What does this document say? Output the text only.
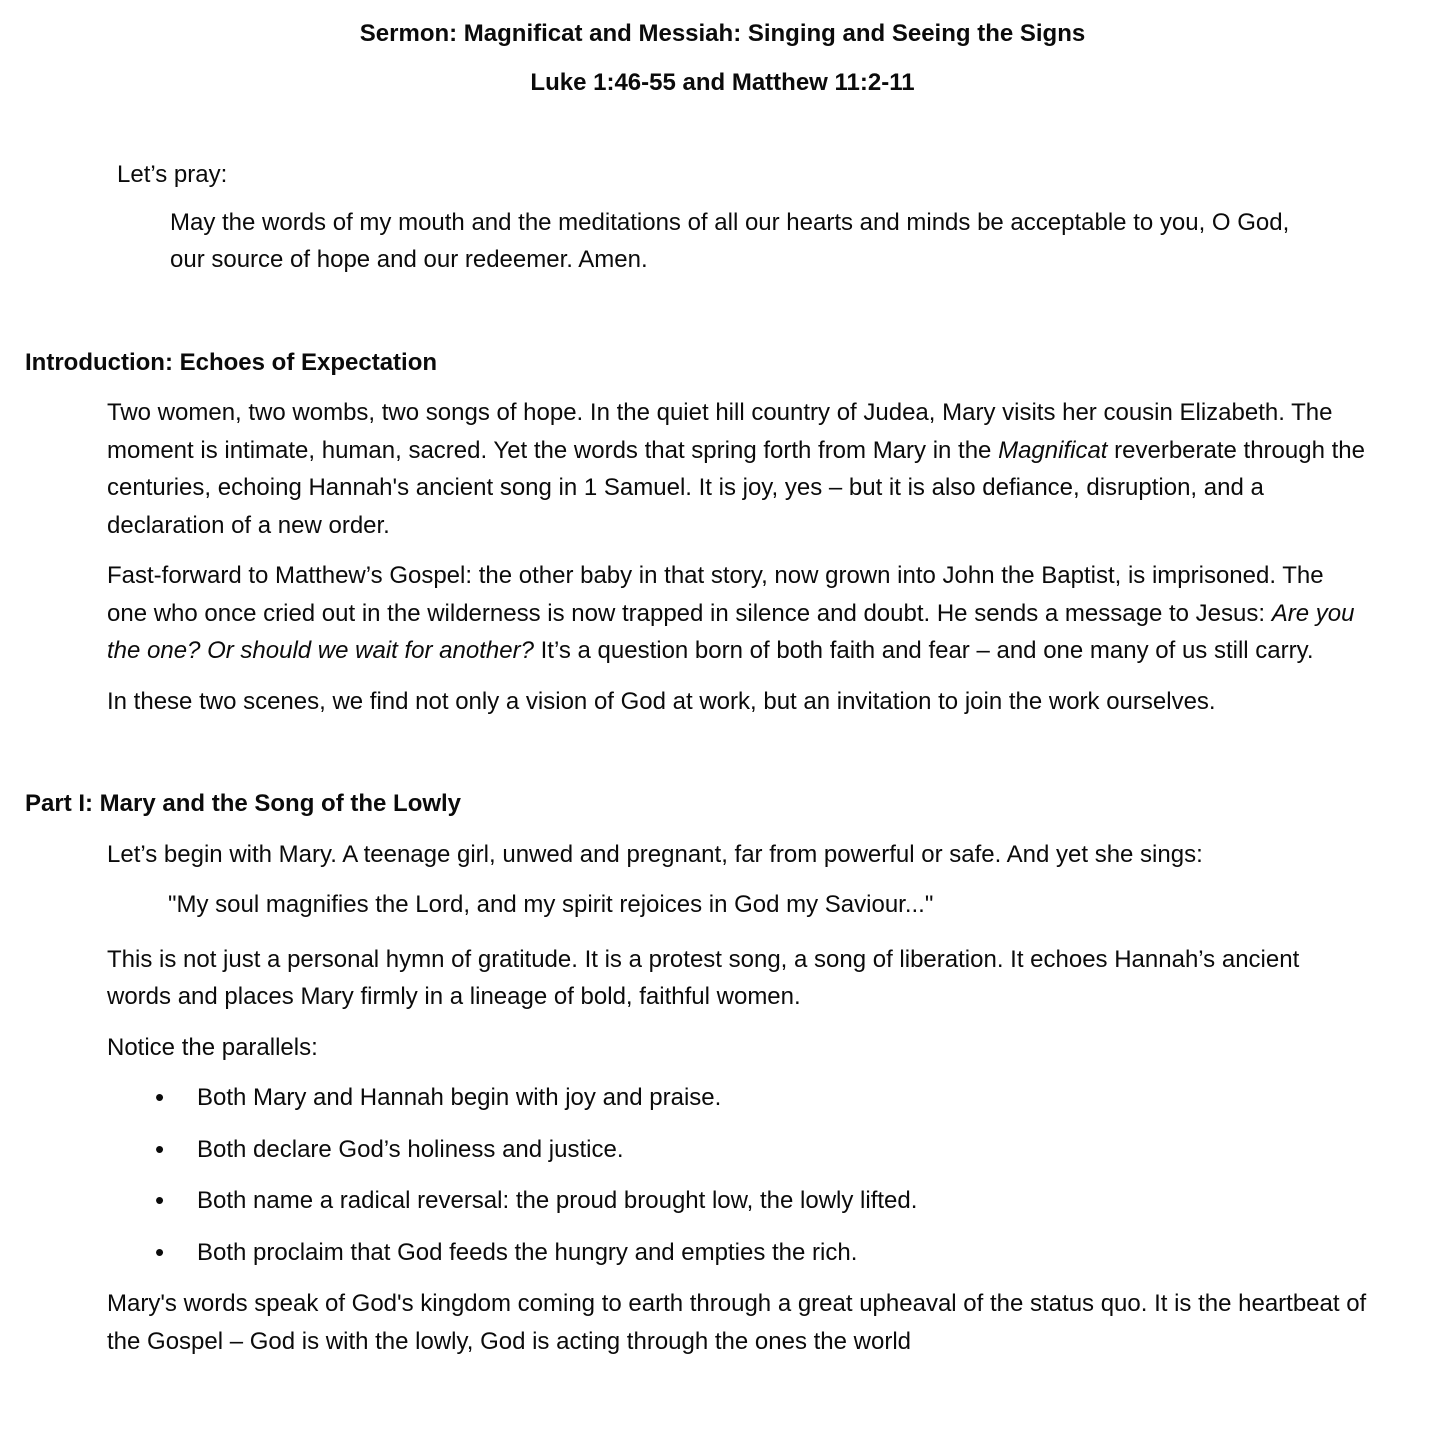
Sermon: Magnificat and Messiah: Singing and Seeing the Signs

Luke 1:46-55 and Matthew 11:2-11

Let’s pray:

May the words of my mouth and the meditations of all our hearts and minds be acceptable to you, O God, our source of hope and our redeemer. Amen.

Introduction: Echoes of Expectation

Two women, two wombs, two songs of hope. In the quiet hill country of Judea, Mary visits her cousin Elizabeth. The moment is intimate, human, sacred. Yet the words that spring forth from Mary in the Magnificat reverberate through the centuries, echoing Hannah's ancient song in 1 Samuel. It is joy, yes – but it is also defiance, disruption, and a declaration of a new order.

Fast-forward to Matthew’s Gospel: the other baby in that story, now grown into John the Baptist, is imprisoned. The one who once cried out in the wilderness is now trapped in silence and doubt. He sends a message to Jesus: Are you the one? Or should we wait for another? It’s a question born of both faith and fear – and one many of us still carry.

In these two scenes, we find not only a vision of God at work, but an invitation to join the work ourselves.

Part I: Mary and the Song of the Lowly

Let’s begin with Mary. A teenage girl, unwed and pregnant, far from powerful or safe. And yet she sings:

"My soul magnifies the Lord, and my spirit rejoices in God my Saviour..."

This is not just a personal hymn of gratitude. It is a protest song, a song of liberation. It echoes Hannah’s ancient words and places Mary firmly in a lineage of bold, faithful women.

Notice the parallels:

• Both Mary and Hannah begin with joy and praise.
• Both declare God’s holiness and justice.
• Both name a radical reversal: the proud brought low, the lowly lifted.
• Both proclaim that God feeds the hungry and empties the rich.

Mary's words speak of God's kingdom coming to earth through a great upheaval of the status quo. It is the heartbeat of the Gospel – God is with the lowly, God is acting through the ones the world
